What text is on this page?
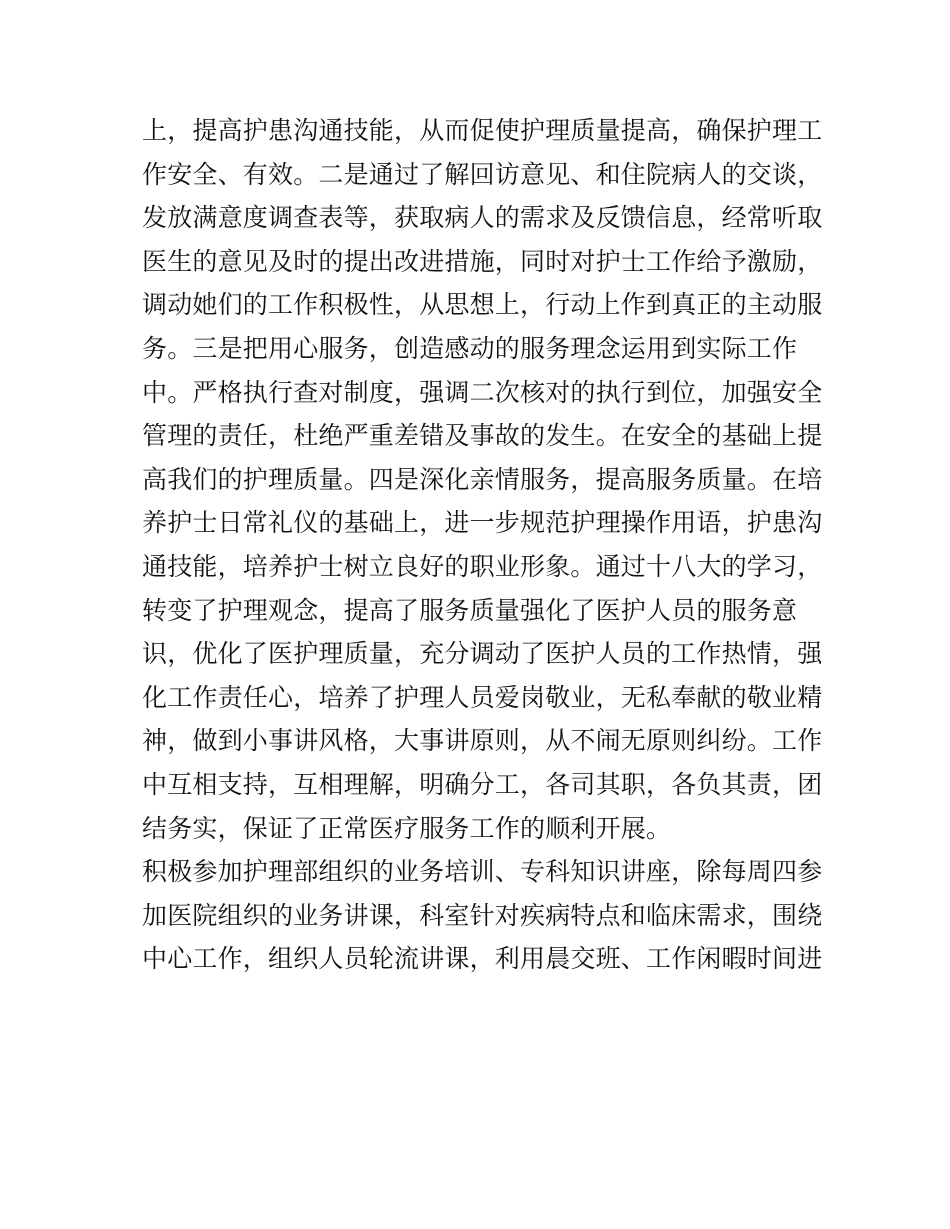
上，提高护患沟通技能，从而促使护理质量提高，确保护理工
作安全、有效。二是通过了解回访意见、和住院病人的交谈，
发放满意度调查表等，获取病人的需求及反馈信息，经常听取
医生的意见及时的提出改进措施，同时对护士工作给予激励，
调动她们的工作积极性，从思想上，行动上作到真正的主动服
务。三是把用心服务，创造感动的服务理念运用到实际工作
中。严格执行查对制度，强调二次核对的执行到位，加强安全
管理的责任，杜绝严重差错及事故的发生。在安全的基础上提
高我们的护理质量。四是深化亲情服务，提高服务质量。在培
养护士日常礼仪的基础上，进一步规范护理操作用语，护患沟
通技能，培养护士树立良好的职业形象。通过十八大的学习，
转变了护理观念，提高了服务质量强化了医护人员的服务意
识，优化了医护理质量，充分调动了医护人员的工作热情，强
化工作责任心，培养了护理人员爱岗敬业，无私奉献的敬业精
神，做到小事讲风格，大事讲原则，从不闹无原则纠纷。工作
中互相支持，互相理解，明确分工，各司其职，各负其责，团
结务实，保证了正常医疗服务工作的顺利开展。
积极参加护理部组织的业务培训、专科知识讲座，除每周四参
加医院组织的业务讲课，科室针对疾病特点和临床需求，围绕
中心工作，组织人员轮流讲课，利用晨交班、工作闲暇时间进
